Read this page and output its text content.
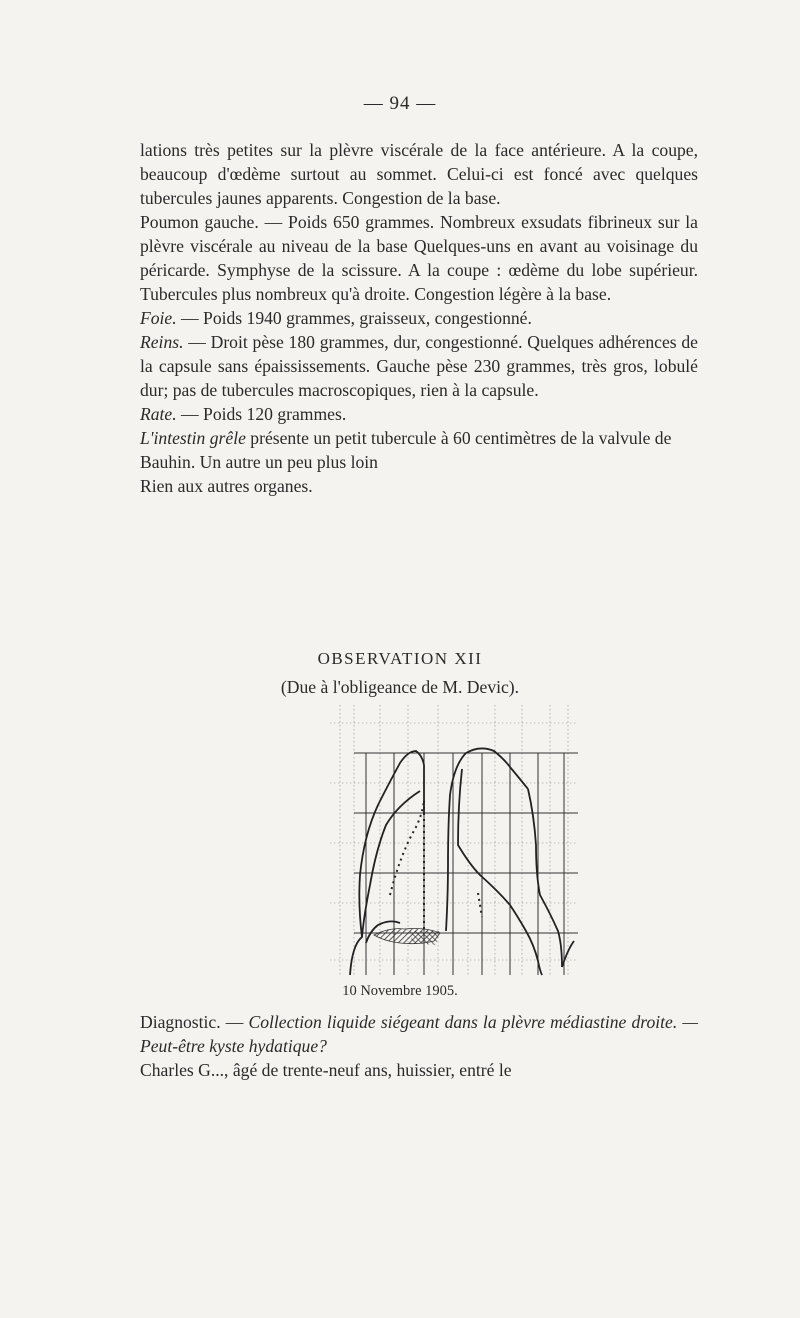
— 94 —

lations très petites sur la plèvre viscérale de la face antérieure. A la coupe, beaucoup d'œdème surtout au sommet. Celui-ci est foncé avec quelques tubercules jaunes apparents. Congestion de la base.

Poumon gauche. — Poids 650 grammes. Nombreux exsudats fibrineux sur la plèvre viscérale au niveau de la base Quelques-uns en avant au voisinage du péricarde. Symphyse de la scissure. A la coupe : œdème du lobe supérieur. Tubercules plus nombreux qu'à droite. Congestion légère à la base.

Foie. — Poids 1940 grammes, graisseux, congestionné.

Reins. — Droit pèse 180 grammes, dur, congestionné. Quelques adhérences de la capsule sans épaississements. Gauche pèse 230 grammes, très gros, lobulé dur; pas de tubercules macroscopiques, rien à la capsule.

Rate. — Poids 120 grammes.

L'intestin grêle présente un petit tubercule à 60 centimètres de la valvule de Bauhin. Un autre un peu plus loin

Rien aux autres organes.

OBSERVATION XII
(Due à l'obligeance de M. Devic).
10 Novembre 1905.

Diagnostic. — Collection liquide siégeant dans la plèvre médiastine droite. — Peut-être kyste hydatique?

Charles G..., âgé de trente-neuf ans, huissier, entré le
